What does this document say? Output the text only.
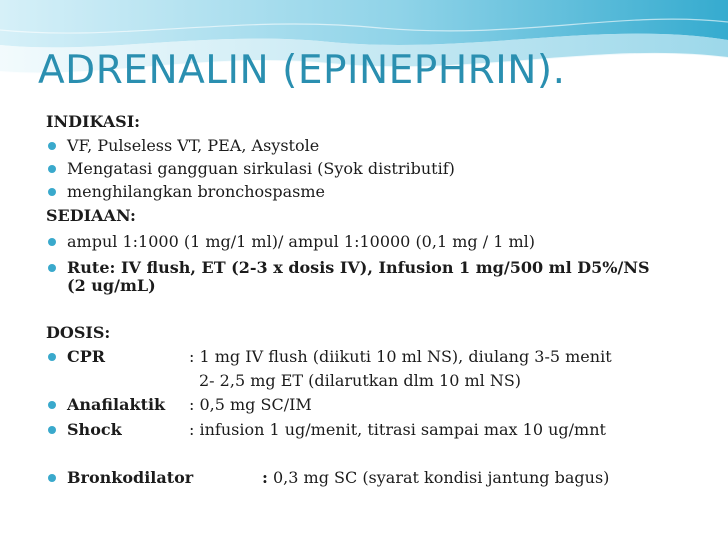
ADRENALIN (EPINEPHRIN).

INDIKASI:

VF, Pulseless VT, PEA, Asystole

Mengatasi gangguan sirkulasi (Syok distributif)

menghilangkan bronchospasme

SEDIAAN:

ampul 1:1000 (1 mg/1 ml)/ ampul 1:10000 (0,1 mg / 1 ml)

Rute: IV flush, ET (2-3 x dosis IV), Infusion 1 mg/500 ml D5%/NS

(2 ug/mL)

DOSIS:

CPR	: 1 mg IV flush (diikuti 10 ml NS), diulang 3-5 menit

2- 2,5 mg ET (dilarutkan dlm 10 ml NS)

Anafilaktik : 0,5 mg SC/IM

Shock	: infusion 1 ug/menit, titrasi sampai max 10 ug/mnt

Bronkodilator	: 0,3 mg SC (syarat kondisi jantung bagus)
